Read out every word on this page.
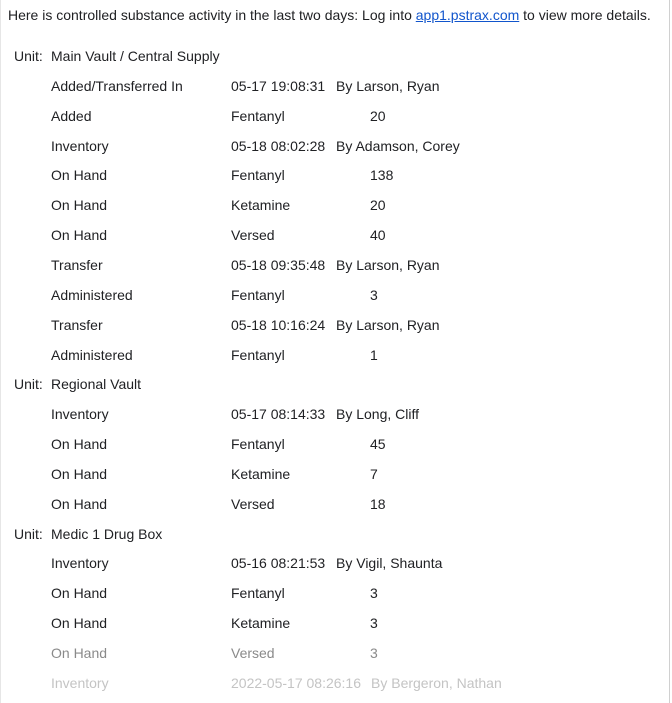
Here is controlled substance activity in the last two days: Log into app1.pstrax.com to view more details.
Unit: Main Vault / Central Supply
Added/Transferred In	05-17 19:08:31 By Larson, Ryan
Added	Fentanyl	20
Inventory	05-18 08:02:28 By Adamson, Corey
On Hand	Fentanyl	138
On Hand	Ketamine	20
On Hand	Versed	40
Transfer	05-18 09:35:48 By Larson, Ryan
Administered	Fentanyl	3
Transfer	05-18 10:16:24 By Larson, Ryan
Administered	Fentanyl	1
Unit: Regional Vault
Inventory	05-17 08:14:33 By Long, Cliff
On Hand	Fentanyl	45
On Hand	Ketamine	7
On Hand	Versed	18
Unit: Medic 1 Drug Box
Inventory	05-16 08:21:53 By Vigil, Shaunta
On Hand	Fentanyl	3
On Hand	Ketamine	3
On Hand	Versed	3
Inventory	2022-05-17 08:26:16 By Bergeron, Nathan
